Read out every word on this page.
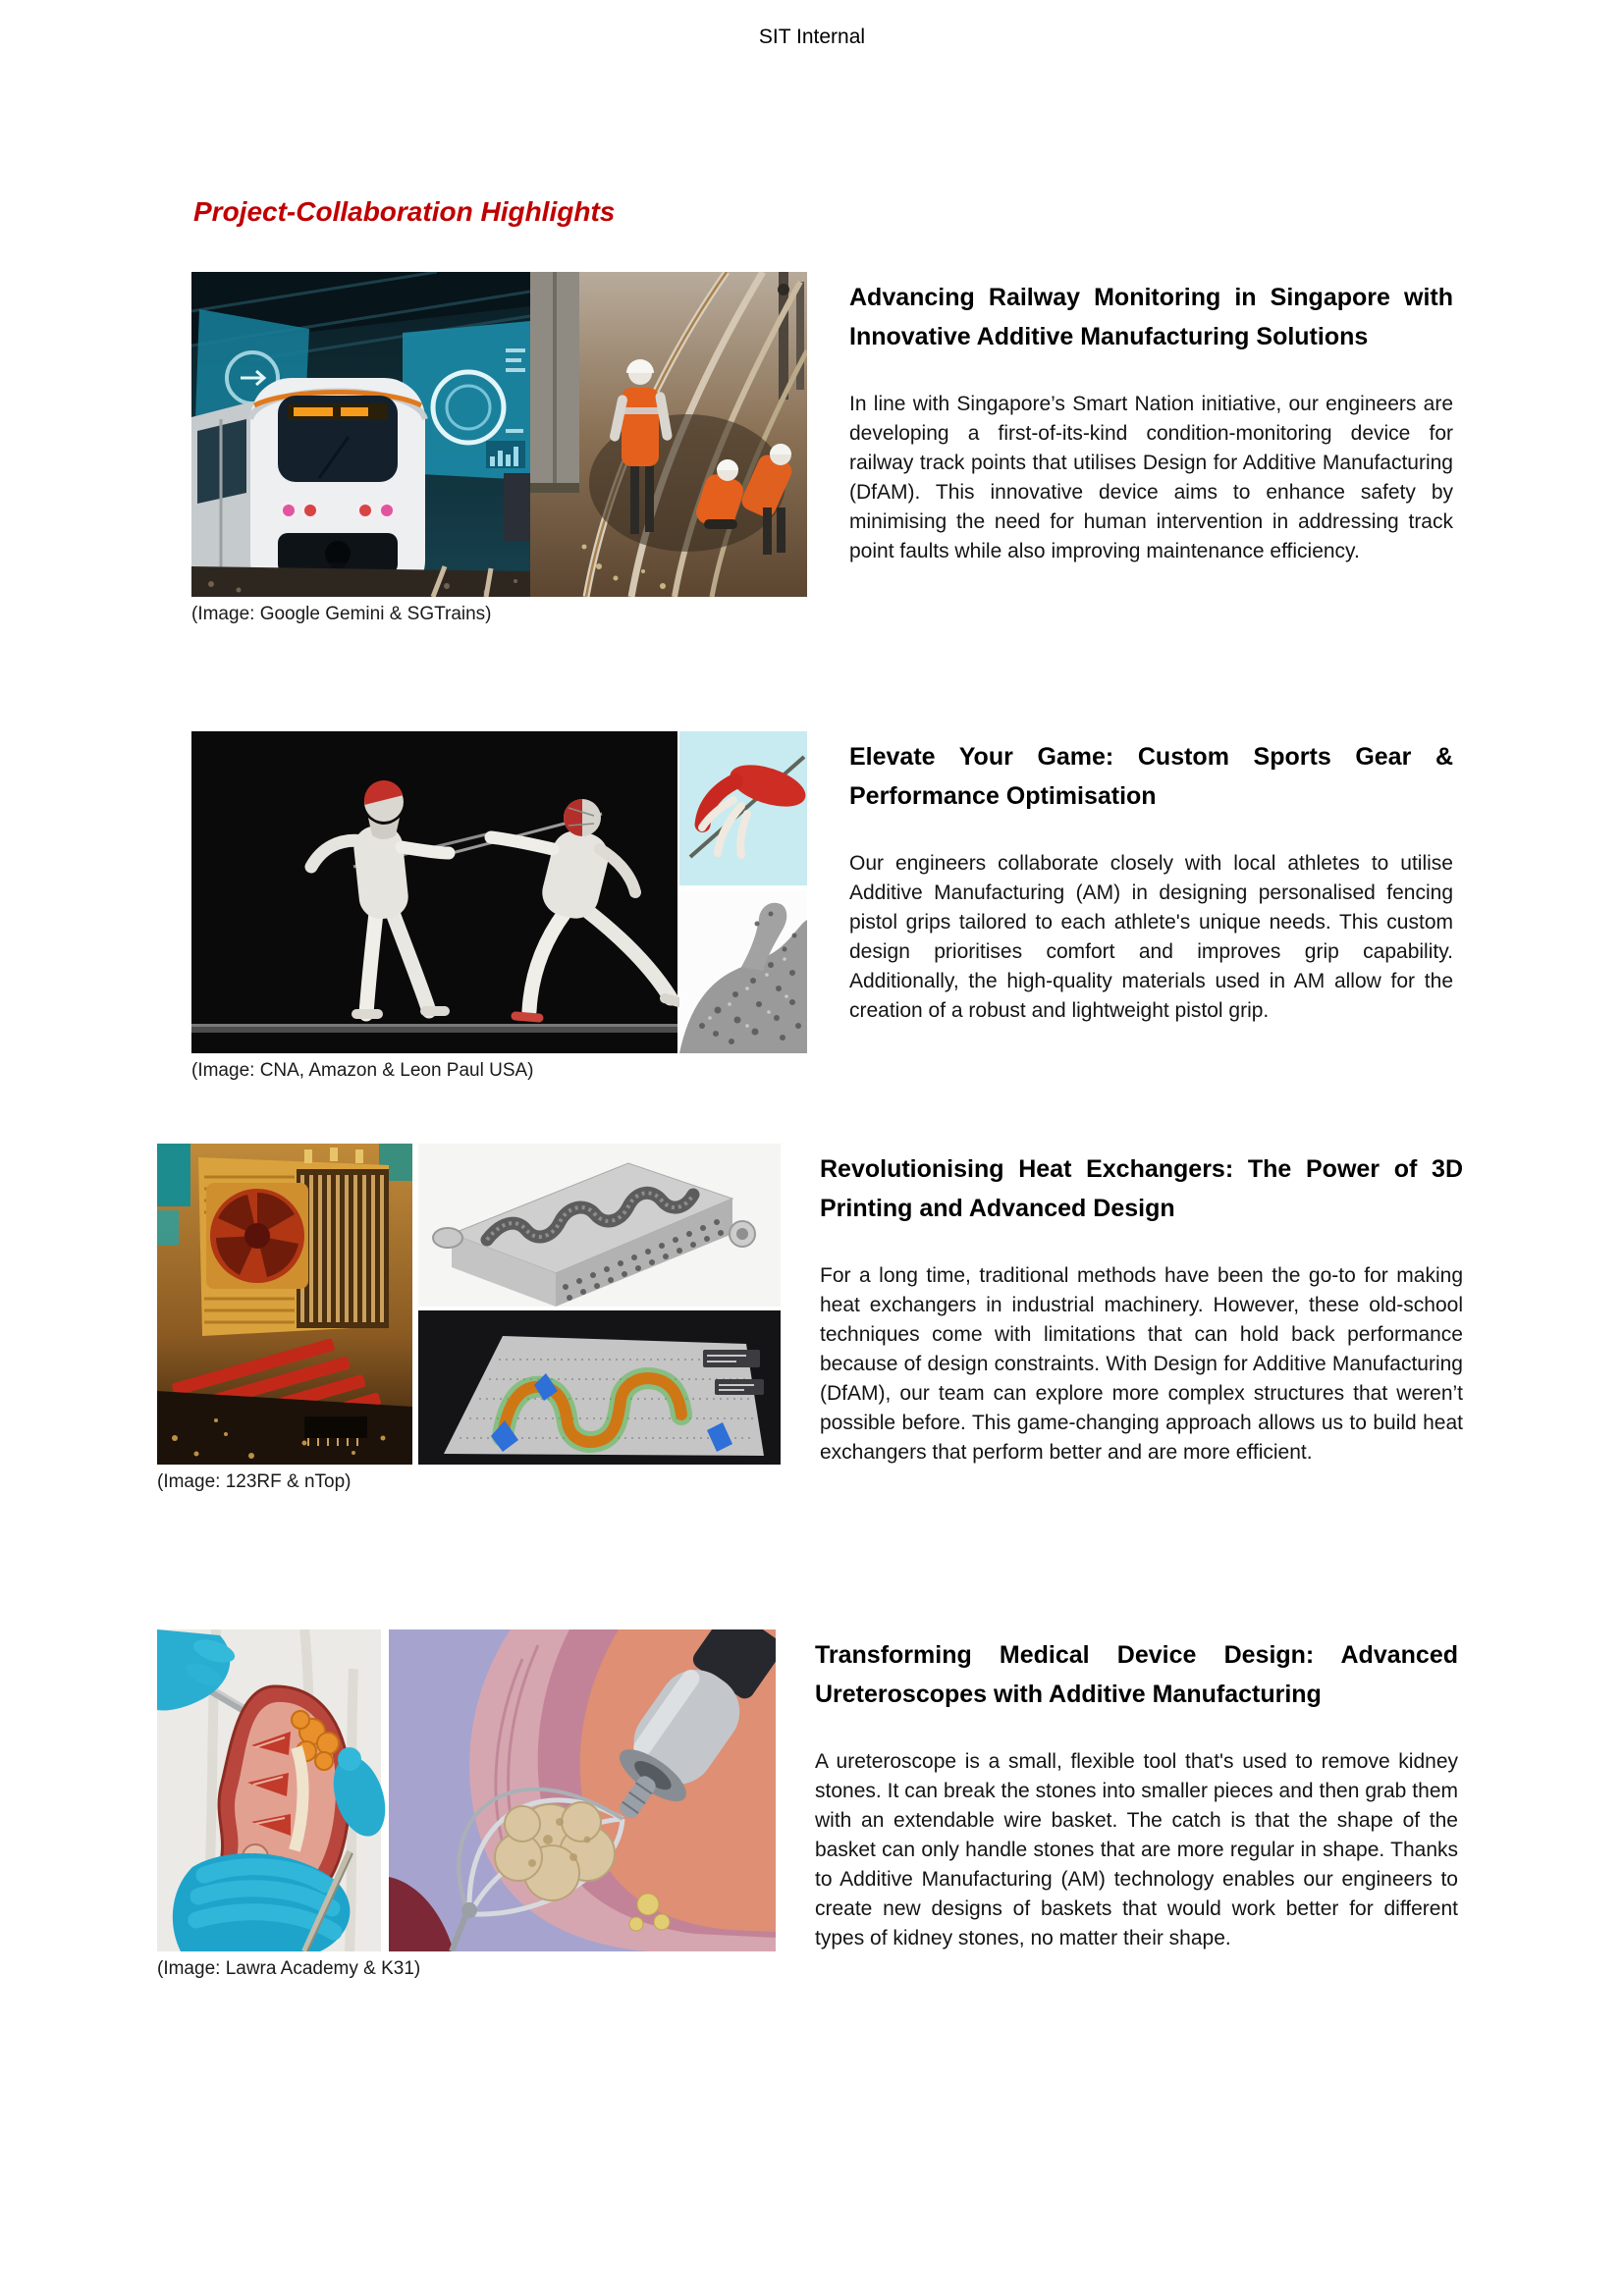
SIT Internal
Project-Collaboration Highlights
(Image: Google Gemini & SGTrains)
Advancing Railway Monitoring in Singapore with Innovative Additive Manufacturing Solutions
In line with Singapore’s Smart Nation initiative, our engineers are developing a first-of-its-kind condition-monitoring device for railway track points that utilises Design for Additive Manufacturing (DfAM). This innovative device aims to enhance safety by minimising the need for human intervention in addressing track point faults while also improving maintenance efficiency.
(Image: CNA, Amazon & Leon Paul USA)
Elevate Your Game: Custom Sports Gear & Performance Optimisation
Our engineers collaborate closely with local athletes to utilise Additive Manufacturing (AM) in designing personalised fencing pistol grips tailored to each athlete's unique needs. This custom design prioritises comfort and improves grip capability. Additionally, the high-quality materials used in AM allow for the creation of a robust and lightweight pistol grip.
(Image: 123RF & nTop)
Revolutionising Heat Exchangers: The Power of 3D Printing and Advanced Design
For a long time, traditional methods have been the go-to for making heat exchangers in industrial machinery. However, these old-school techniques come with limitations that can hold back performance because of design constraints. With Design for Additive Manufacturing (DfAM), our team can explore more complex structures that weren’t possible before. This game-changing approach allows us to build heat exchangers that perform better and are more efficient.
(Image: Lawra Academy & K31)
Transforming Medical Device Design: Advanced Ureteroscopes with Additive Manufacturing
A ureteroscope is a small, flexible tool that's used to remove kidney stones. It can break the stones into smaller pieces and then grab them with an extendable wire basket. The catch is that the shape of the basket can only handle stones that are more regular in shape. Thanks to Additive Manufacturing (AM) technology enables our engineers to create new designs of baskets that would work better for different types of kidney stones, no matter their shape.
